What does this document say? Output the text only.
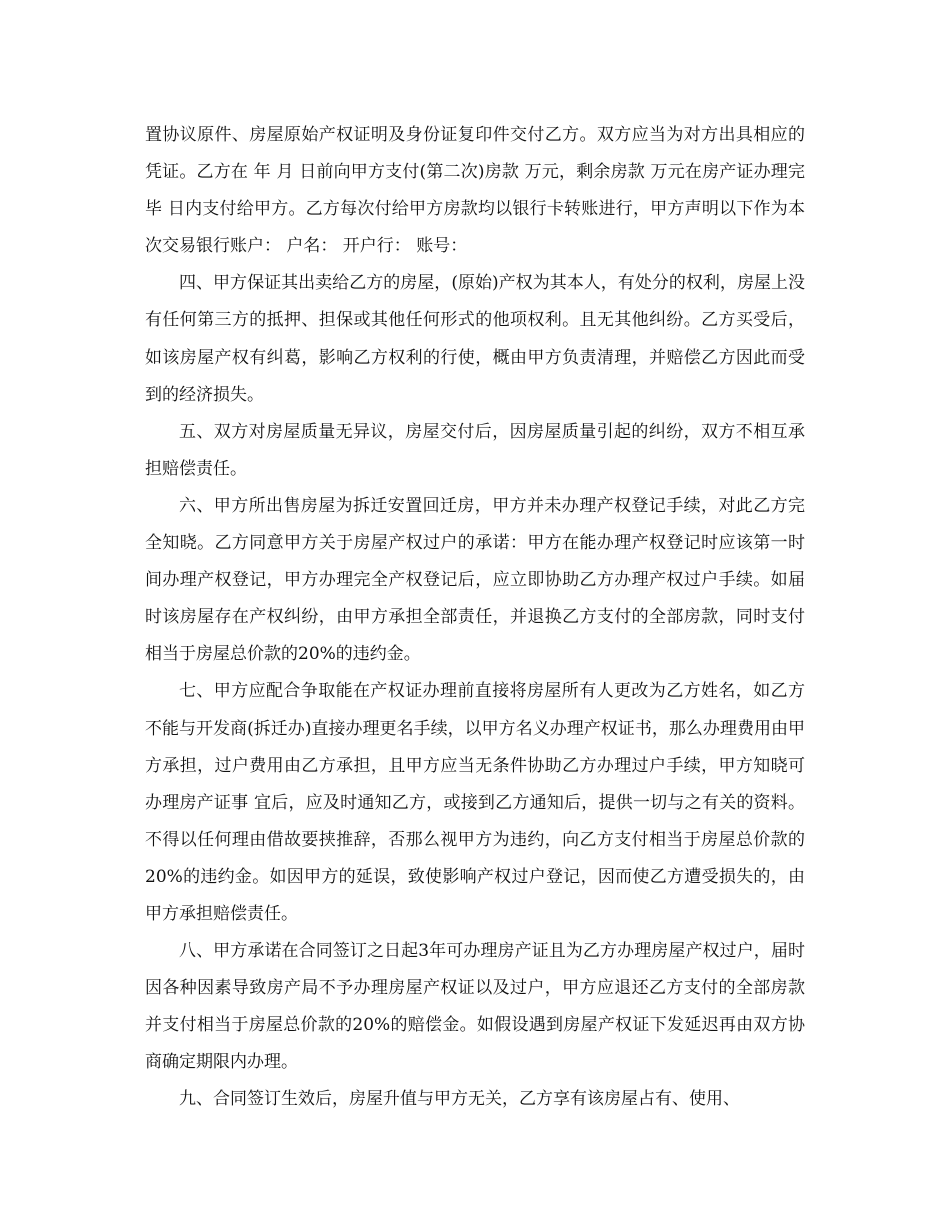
置协议原件、房屋原始产权证明及身份证复印件交付乙方。双方应当为对方出具相应的凭证。乙方在 年 月 日前向甲方支付(第二次)房款 万元，剩余房款 万元在房产证办理完毕 日内支付给甲方。乙方每次付给甲方房款均以银行卡转账进行，甲方声明以下作为本次交易银行账户： 户名： 开户行： 账号：

四、甲方保证其出卖给乙方的房屋，(原始)产权为其本人，有处分的权利，房屋上没有任何第三方的抵押、担保或其他任何形式的他项权利。且无其他纠纷。乙方买受后，如该房屋产权有纠葛，影响乙方权利的行使，概由甲方负责清理，并赔偿乙方因此而受到的经济损失。

五、双方对房屋质量无异议，房屋交付后，因房屋质量引起的纠纷，双方不相互承担赔偿责任。

六、甲方所出售房屋为拆迁安置回迁房，甲方并未办理产权登记手续，对此乙方完全知晓。乙方同意甲方关于房屋产权过户的承诺：甲方在能办理产权登记时应该第一时间办理产权登记，甲方办理完全产权登记后，应立即协助乙方办理产权过户手续。如届时该房屋存在产权纠纷，由甲方承担全部责任，并退换乙方支付的全部房款，同时支付相当于房屋总价款的20%的违约金。

七、甲方应配合争取能在产权证办理前直接将房屋所有人更改为乙方姓名，如乙方不能与开发商(拆迁办)直接办理更名手续，以甲方名义办理产权证书，那么办理费用由甲方承担，过户费用由乙方承担，且甲方应当无条件协助乙方办理过户手续，甲方知晓可办理房产证事 宜后，应及时通知乙方，或接到乙方通知后，提供一切与之有关的资料。不得以任何理由借故要挟推辞，否那么视甲方为违约，向乙方支付相当于房屋总价款的20%的违约金。如因甲方的延误，致使影响产权过户登记，因而使乙方遭受损失的，由甲方承担赔偿责任。

八、甲方承诺在合同签订之日起3年可办理房产证且为乙方办理房屋产权过户，届时因各种因素导致房产局不予办理房屋产权证以及过户，甲方应退还乙方支付的全部房款并支付相当于房屋总价款的20%的赔偿金。如假设遇到房屋产权证下发延迟再由双方协商确定期限内办理。

九、合同签订生效后，房屋升值与甲方无关，乙方享有该房屋占有、使用、
